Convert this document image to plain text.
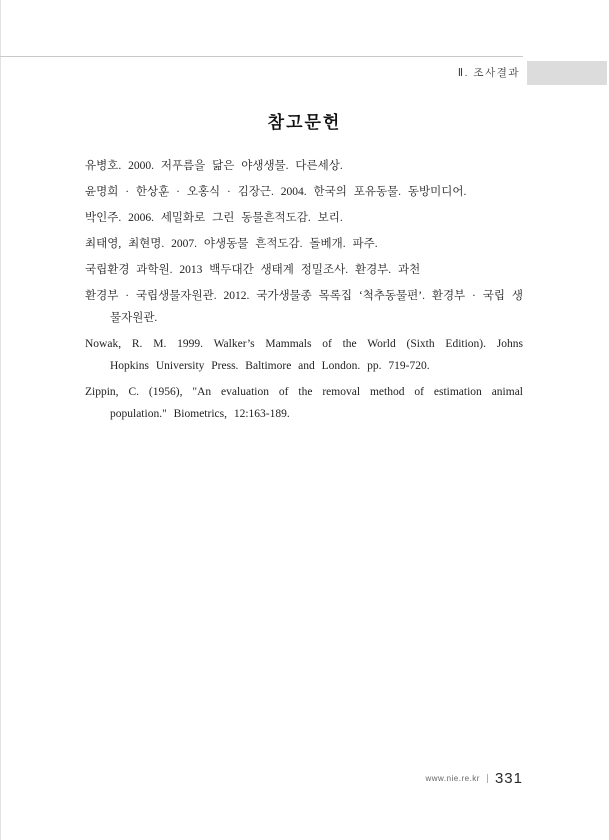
Ⅱ. 조사결과
참고문헌
유병호. 2000. 저푸름을 닮은 야생생물. 다른세상.
윤명희 · 한상훈 · 오홍식 · 김장근. 2004. 한국의 포유동물. 동방미디어.
박인주. 2006. 세밀화로 그린 동물흔적도감. 보리.
최태영, 최현명. 2007. 야생동물 흔적도감. 돌베개. 파주.
국립환경 과학원. 2013 백두대간 생태계 정밀조사. 환경부. 과천
환경부 · 국립생물자원관. 2012. 국가생물종 목록집 ‘척추동물편’. 환경부 · 국립 생물자원관.
Nowak, R. M. 1999. Walker’s Mammals of the World (Sixth Edition). Johns Hopkins University Press. Baltimore and London. pp. 719-720.
Zippin, C. (1956), "An evaluation of the removal method of estimation animal population." Biometrics, 12:163-189.
www.nie.re.kr 331
